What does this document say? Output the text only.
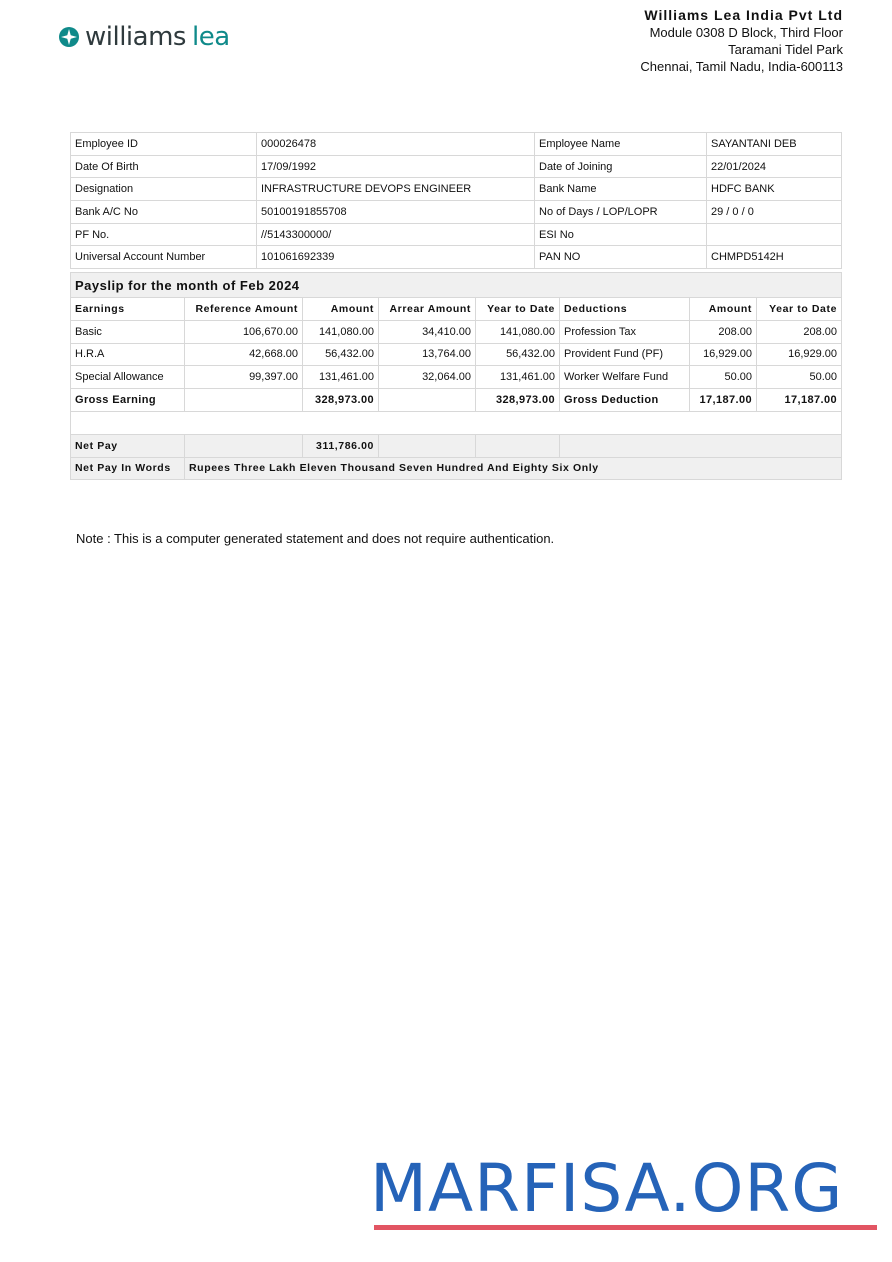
williams lea
Williams Lea India Pvt Ltd
Module 0308 D Block, Third Floor
Taramani Tidel Park
Chennai, Tamil Nadu, India-600113
Employee ID	000026478	Employee Name	SAYANTANI DEB
Date Of Birth	17/09/1992	Date of Joining	22/01/2024
Designation	INFRASTRUCTURE DEVOPS ENGINEER	Bank Name	HDFC BANK
Bank A/C No	50100191855708	No of Days / LOP/LOPR	29 / 0 / 0
PF No.	//5143300000/	ESI No	
Universal Account Number	101061692339	PAN NO	CHMPD5142H
Payslip for the month of Feb 2024							
Earnings	Reference Amount	Amount	Arrear Amount	Year to Date	Deductions	Amount	Year to Date
Basic	106,670.00	141,080.00	34,410.00	141,080.00	Profession Tax	208.00	208.00
H.R.A	42,668.00	56,432.00	13,764.00	56,432.00	Provident Fund (PF)	16,929.00	16,929.00
Special Allowance	99,397.00	131,461.00	32,064.00	131,461.00	Worker Welfare Fund	50.00	50.00
Gross Earning		328,973.00		328,973.00	Gross Deduction	17,187.00	17,187.00

Net Pay		311,786.00					
Net Pay In Words	Rupees Three Lakh Eleven Thousand Seven Hundred And Eighty Six Only						
Note : This is a computer generated statement and does not require authentication.
MARFISA.ORG
